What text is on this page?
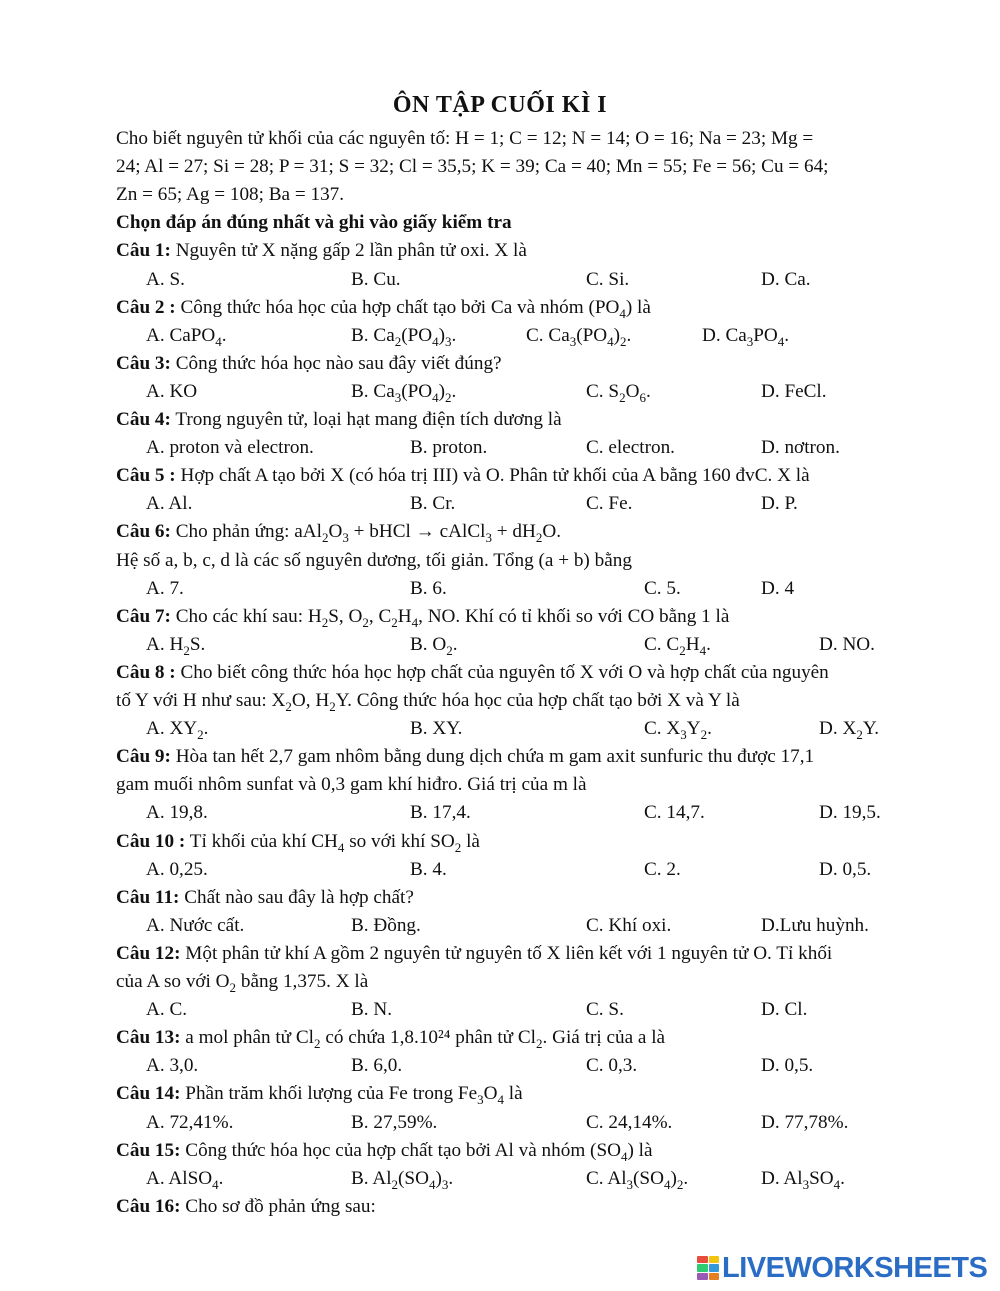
ÔN TẬP CUỐI KÌ I
Cho biết nguyên tử khối của các nguyên tố: H = 1; C = 12; N = 14; O = 16; Na = 23; Mg =
24; Al = 27; Si = 28; P = 31; S = 32; Cl = 35,5; K = 39; Ca = 40; Mn = 55; Fe = 56; Cu = 64;
Zn = 65; Ag = 108; Ba = 137.
Chọn đáp án đúng nhất và ghi vào giấy kiểm tra
Câu 1: Nguyên tử X nặng gấp 2 lần phân tử oxi. X là
A. S.	B. Cu.	C. Si.	D. Ca.
Câu 2 : Công thức hóa học của hợp chất tạo bởi Ca và nhóm $(PO_4)$ là
A. CaPO$_4$.	B. $Ca_2(PO_4)_3$.	C. $Ca_3(PO_4)_2$.	D. $Ca_3PO_4$.
Câu 3: Công thức hóa học nào sau đây viết đúng?
A. KO	B. $Ca_3(PO_4)_2$.	C. $S_2O_6$.	D. FeCl.
Câu 4: Trong nguyên tử, loại hạt mang điện tích dương là
A. proton và electron.	B. proton.	C. electron.	D. nơtron.
Câu 5 : Hợp chất A tạo bởi X (có hóa trị III) và O. Phân tử khối của A bằng 160 đvC. X là
A. Al.	B. Cr.	C. Fe.	D. P.
Câu 6: Cho phản ứng: $aAl_2O_3$ + bHCl → cAlCl$_3$ + $dH_2O$.
Hệ số a, b, c, d là các số nguyên dương, tối giản. Tổng (a + b) bằng
A. 7.	B. 6.	C. 5.	D. 4
Câu 7: Cho các khí sau: $H_2S$, $O_2$, $C_2H_4$, NO. Khí có tỉ khối so với CO bằng 1 là
A. $H_2S$.	B. $O_2$.	C. $C_2H_4$.	D. NO.
Câu 8 : Cho biết công thức hóa học hợp chất của nguyên tố X với O và hợp chất của nguyên
tố Y với H như sau: $X_2O$, $H_2Y$. Công thức hóa học của hợp chất tạo bởi X và Y là
A. $XY_2$.	B. XY.	C. $X_3Y_2$.	D. $X_2Y$.
Câu 9: Hòa tan hết 2,7 gam nhôm bằng dung dịch chứa m gam axit sunfuric thu được 17,1
gam muối nhôm sunfat và 0,3 gam khí hiđro. Giá trị của m là
A. 19,8.	B. 17,4.	C. 14,7.	D. 19,5.
Câu 10 : Tỉ khối của khí $CH_4$ so với khí $SO_2$ là
A. 0,25.	B. 4.	C. 2.	D. 0,5.
Câu 11: Chất nào sau đây là hợp chất?
A. Nước cất.	B. Đồng.	C. Khí oxi.	D.Lưu huỳnh.
Câu 12: Một phân tử khí A gồm 2 nguyên tử nguyên tố X liên kết với 1 nguyên tử O. Tỉ khối
của A so với $O_2$ bằng 1,375. X là
A. C.	B. N.	C. S.	D. Cl.
Câu 13: a mol phân tử $Cl_2$ có chứa 1,8.10²⁴ phân tử $Cl_2$. Giá trị của a là
A. 3,0.	B. 6,0.	C. 0,3.	D. 0,5.
Câu 14: Phần trăm khối lượng của Fe trong $Fe_3O_4$ là
A. 72,41%.	B. 27,59%.	C. 24,14%.	D. 77,78%.
Câu 15: Công thức hóa học của hợp chất tạo bởi Al và nhóm $(SO_4)$ là
A. AlSO$_4$.	B. $Al_2(SO_4)_3$.	C. $Al_3(SO_4)_2$.	D. $Al_3SO_4$.
Câu 16: Cho sơ đồ phản ứng sau:
LIVEWORKSHEETS
